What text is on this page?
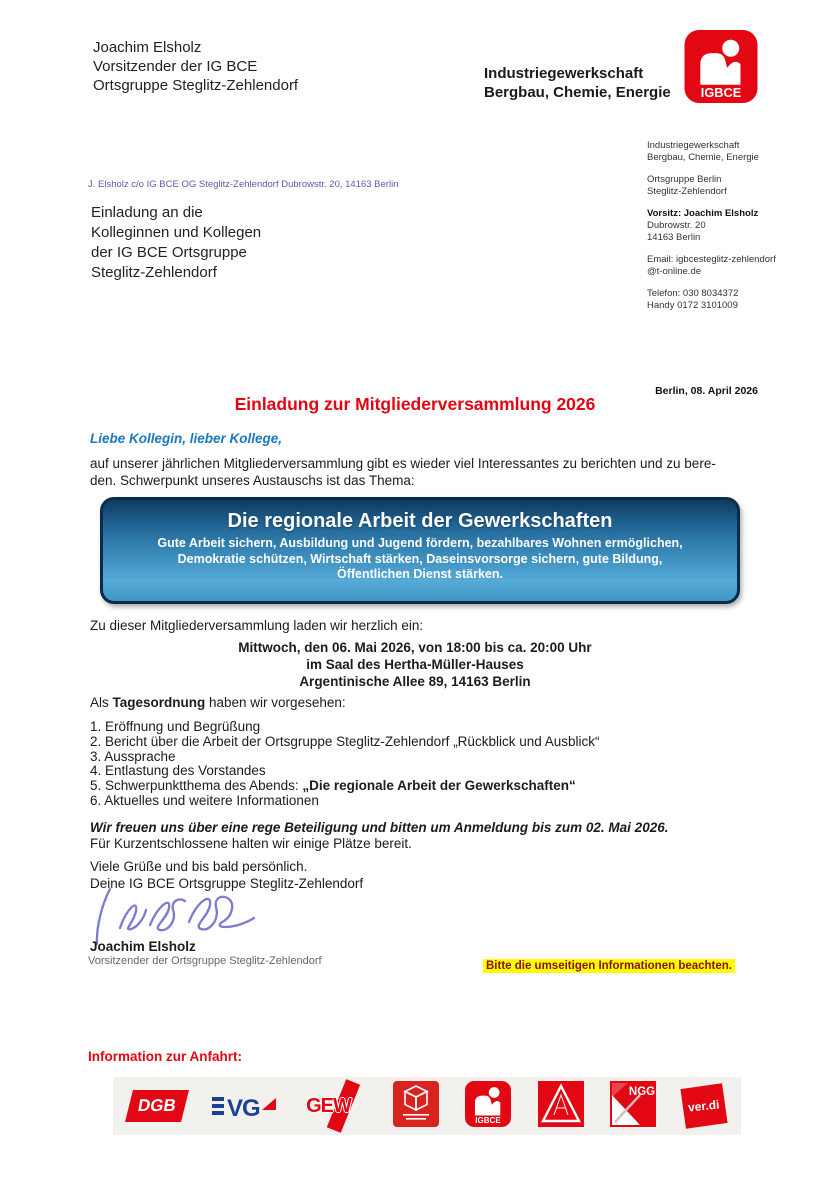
Joachim Elsholz
Vorsitzender der IG BCE
Ortsgruppe Steglitz-Zehlendorf
Industriegewerkschaft
Bergbau, Chemie, Energie	IGBCE
Industriegewerkschaft
Bergbau, Chemie, Energie
Ortsgruppe Berlin
Steglitz-Zehlendorf
Vorsitz: Joachim Elsholz
Dubrowstr. 20
14163 Berlin
Email: igbcesteglitz-zehlendorf
@t-online.de
Telefon: 030 8034372
Handy 0172 3101009
J. Elsholz c/o IG BCE OG Steglitz-Zehlendorf Dubrowstr. 20, 14163 Berlin
Einladung an die
Kolleginnen und Kollegen
der IG BCE Ortsgruppe
Steglitz-Zehlendorf
Berlin, 08. April 2026
Einladung zur Mitgliederversammlung 2026
Liebe Kollegin, lieber Kollege,
auf unserer jährlichen Mitgliederversammlung gibt es wieder viel Interessantes zu berichten und zu bere-
den. Schwerpunkt unseres Austauschs ist das Thema:
Die regionale Arbeit der Gewerkschaften
Gute Arbeit sichern, Ausbildung und Jugend fördern, bezahlbares Wohnen ermöglichen,
Demokratie schützen, Wirtschaft stärken, Daseinsvorsorge sichern, gute Bildung,
Öffentlichen Dienst stärken.
Zu dieser Mitgliederversammlung laden wir herzlich ein:
Mittwoch, den 06. Mai 2026, von 18:00 bis ca. 20:00 Uhr
im Saal des Hertha-Müller-Hauses
Argentinische Allee 89, 14163 Berlin
Als Tagesordnung haben wir vorgesehen:
1. Eröffnung und Begrüßung
2. Bericht über die Arbeit der Ortsgruppe Steglitz-Zehlendorf „Rückblick und Ausblick“
3. Aussprache
4. Entlastung des Vorstandes
5. Schwerpunktthema des Abends: „Die regionale Arbeit der Gewerkschaften“
6. Aktuelles und weitere Informationen
Wir freuen uns über eine rege Beteiligung und bitten um Anmeldung bis zum 02. Mai 2026.
Für Kurzentschlossene halten wir einige Plätze bereit.
Viele Grüße und bis bald persönlich.
Deine IG BCE Ortsgruppe Steglitz-Zehlendorf
Joachim Elsholz
Vorsitzender der Ortsgruppe Steglitz-Zehlendorf	Bitte die umseitigen Informationen beachten.
Information zur Anfahrt:
DGB VG GEW
IGBCE
NGG
ver.di
